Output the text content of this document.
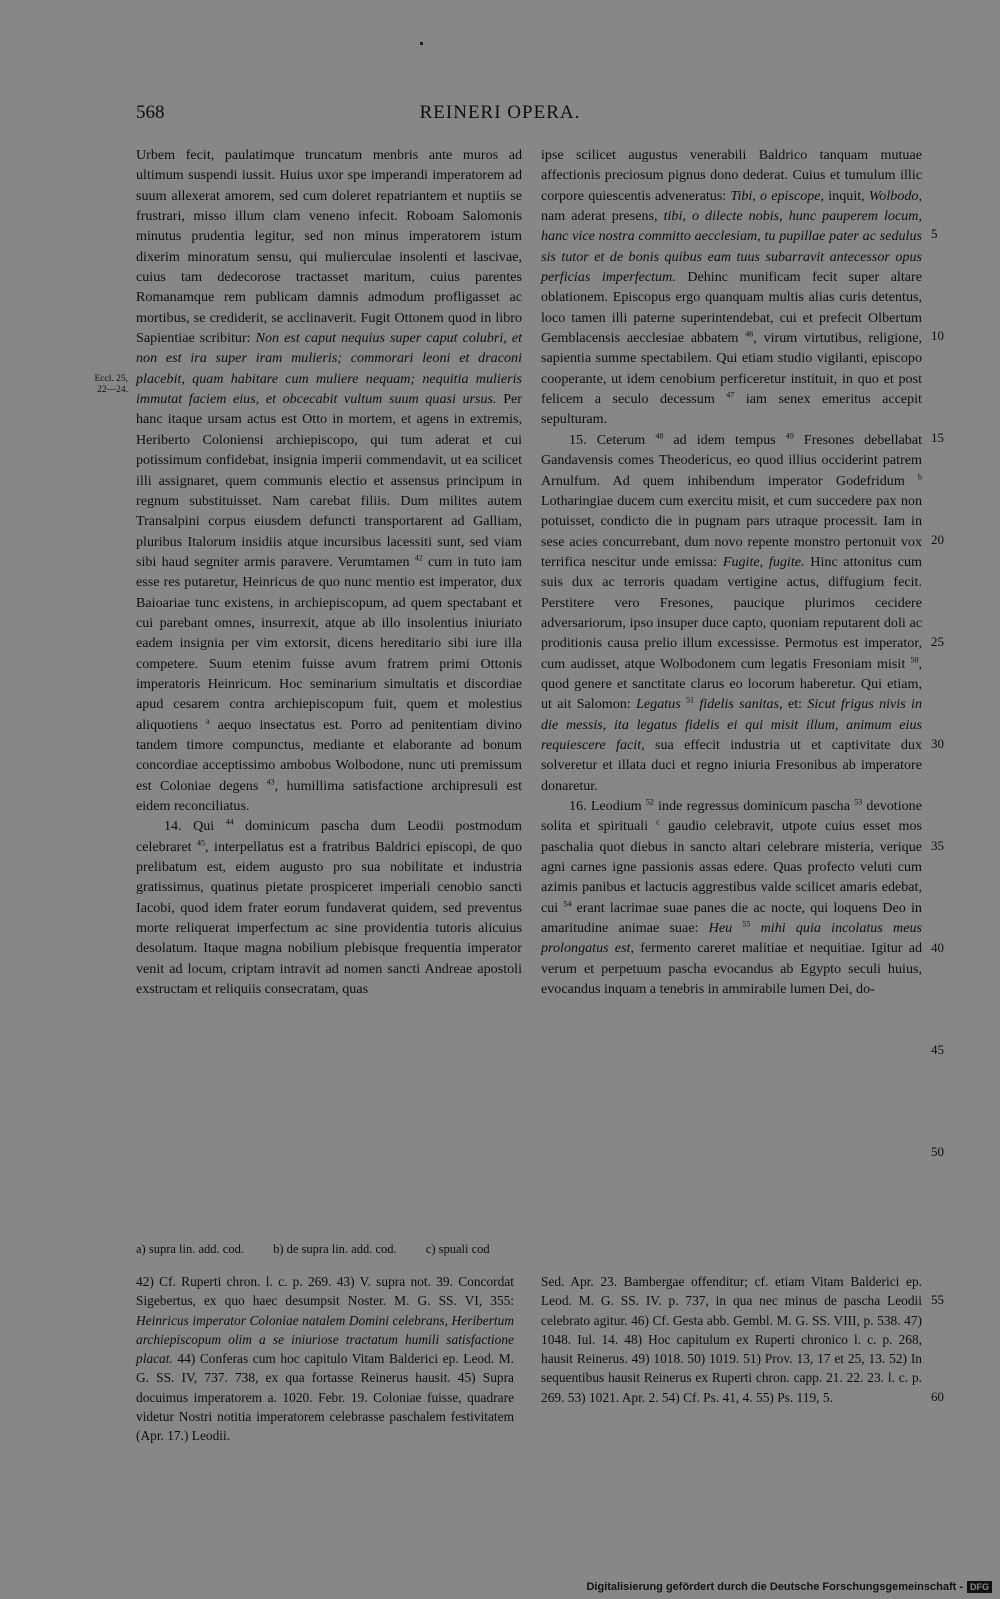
568	REINERI OPERA.
Eccl. 25,
22—24.

Urbem fecit, paulatimque truncatum menbris ante muros ad ultimum suspendi iussit. Huius uxor spe imperandi imperatorem ad suum allexerat amorem, sed cum doleret repatriantem et nuptiis se frustrari, misso illum clam veneno infecit. Roboam Salomonis minutus prudentia legitur, sed non minus imperatorem istum dixerim minoratum sensu, qui mulierculae insolenti et lascivae, cuius tam dedecorose tractasset maritum, cuius parentes Romanamque rem publicam damnis admodum profligasset ac mortibus, se crediderit, se acclinaverit. Fugit Ottonem quod in libro Sapientiae scribitur: Non est caput nequius super caput colubri, et non est ira super iram mulieris; commorari leoni et draconi placebit, quam habitare cum muliere nequam; nequitia mulieris immutat faciem eius, et obcecabit vultum suum quasi ursus. Per hanc itaque ursam actus est Otto in mortem, et agens in extremis, Heriberto Coloniensi archiepiscopo, qui tum aderat et cui potissimum confidebat, insignia imperii commendavit, ut ea scilicet illi assignaret, quem communis electio et assensus principum in regnum substituisset. Nam carebat filiis. Dum milites autem Transalpini corpus eiusdem defuncti transportarent ad Galliam, pluribus Italorum insidiis atque incursibus lacessiti sunt, sed viam sibi haud segniter armis paravere. Verumtamen $^{42}$ cum in tuto iam esse res putaretur, Heinricus de quo nunc mentio est imperator, dux Baioariae tunc existens, in archiepiscopum, ad quem spectabant et cui parebant omnes, insurrexit, atque ab illo insolentius iniuriato eadem insignia per vim extorsit, dicens hereditario sibi iure illa competere. Suum etenim fuisse avum fratrem primi Ottonis imperatoris Heinricum. Hoc seminarium simultatis et discordiae apud cesarem contra archiepiscopum fuit, quem et molestius aliquotiens $^a$ aequo insectatus est. Porro ad penitentiam divino tandem timore compunctus, mediante et elaborante ad bonum concordiae acceptissimo ambobus Wolbodone, nunc uti premissum est Coloniae degens $^{43}$, humillima satisfactione archipresuli est eidem reconciliatus.

14. Qui $^{44}$ dominicum pascha dum Leodii postmodum celebraret $^{45}$, interpellatus est a fratribus Baldrici episcopi, de quo prelibatum est, eidem augusto pro sua nobilitate et industria gratissimus, quatinus pietate prospiceret imperiali cenobio sancti Iacobi, quod idem frater eorum fundaverat quidem, sed preventus morte reliquerat imperfectum ac sine providentia tutoris alicuius desolatum. Itaque magna nobilium plebisque frequentia imperator venit ad locum, criptam intravit ad nomen sancti Andreae apostoli exstructam et reliquiis consecratam, quas

ipse scilicet augustus venerabili Baldrico tanquam mutuae affectionis preciosum pignus dono dederat. Cuius et tumulum illic corpore quiescentis adveneratus: Tibi, o episcope, inquit, Wolbodo, nam aderat presens, tibi, o dilecte nobis, hunc pauperem locum, hanc vice nostra committo aecclesiam, tu pupillae pater ac sedulus sis tutor et de bonis quibus eam tuus subarravit antecessor opus perficias imperfectum. Dehinc munificam fecit super altare oblationem. Episcopus ergo quanquam multis alias curis detentus, loco tamen illi paterne superintendebat, cui et prefecit Olbertum Gemblacensis aecclesiae abbatem $^{46}$, virum virtutibus, religione, sapientia summe spectabilem. Qui etiam studio vigilanti, episcopo cooperante, ut idem cenobium perficeretur instituit, in quo et post felicem a seculo decessum $^{47}$ iam senex emeritus accepit sepulturam.

15. Ceterum $^{48}$ ad idem tempus $^{49}$ Fresones debellabat Gandavensis comes Theodericus, eo quod illius occiderint patrem Arnulfum. Ad quem inhibendum imperator Godefridum $^b$ Lotharingiae ducem cum exercitu misit, et cum succedere pax non potuisset, condicto die in pugnam pars utraque processit. Iam in sese acies concurrebant, dum novo repente monstro pertonuit vox terrifica nescitur unde emissa: Fugite, fugite. Hinc attonitus cum suis dux ac terroris quadam vertigine actus, diffugium fecit. Perstitere vero Fresones, paucique plurimos cecidere adversariorum, ipso insuper duce capto, quoniam reputarent doli ac proditionis causa prelio illum excessisse. Permotus est imperator, cum audisset, atque Wolbodonem cum legatis Fresoniam misit $^{50}$, quod genere et sanctitate clarus eo locorum haberetur. Qui etiam, ut ait Salomon: Legatus $^{51}$ fidelis sanitas, et: Sicut frigus nivis in die messis, ita legatus fidelis ei qui misit illum, animum eius requiescere facit, sua effecit industria ut et captivitate dux solveretur et illata duci et regno iniuria Fresonibus ab imperatore donaretur.

16. Leodium $^{52}$ inde regressus dominicum pascha $^{53}$ devotione solita et spirituali $^c$ gaudio celebravit, utpote cuius esset mos paschalia quot diebus in sancto altari celebrare misteria, verique agni carnes igne passionis assas edere. Quas profecto veluti cum azimis panibus et lactucis aggrestibus valde scilicet amaris edebat, cui $^{54}$ erant lacrimae suae panes die ac nocte, qui loquens Deo in amaritudine animae suae: Heu $^{55}$ mihi quia incolatus meus prolongatus est, fermento careret malitiae et nequitiae. Igitur ad verum et perpetuum pascha evocandus ab Egypto seculi huius, evocandus inquam a tenebris in ammirabile lumen Dei, do-

5
10
15
20
25
30
35
40
45
50
55
60
a) supra lin. add. cod. b) de supra lin. add. cod. c) spuali cod

42) Cf. Ruperti chron. l. c. p. 269. 43) V. supra not. 39. Concordat Sigebertus, ex quo haec desumpsit Noster. M. G. SS. VI, 355: Heinricus imperator Coloniae natalem Domini celebrans, Heribertum archiepiscopum olim a se iniuriose tractatum humili satisfactione placat. 44) Conferas cum hoc capitulo Vitam Balderici ep. Leod. M. G. SS. IV, 737. 738, ex qua fortasse Reinerus hausit. 45) Supra docuimus imperatorem a. 1020. Febr. 19. Coloniae fuisse, quadrare videtur Nostri notitia imperatorem celebrasse paschalem festivitatem (Apr. 17.) Leodii.

Sed. Apr. 23. Bambergae offenditur; cf. etiam Vitam Balderici ep. Leod. M. G. SS. IV. p. 737, in qua nec minus de pascha Leodii celebrato agitur. 46) Cf. Gesta abb. Gembl. M. G. SS. VIII, p. 538. 47) 1048. Iul. 14. 48) Hoc capitulum ex Ruperti chronico l. c. p. 268, hausit Reinerus. 49) 1018. 50) 1019. 51) Prov. 13, 17 et 25, 13. 52) In sequentibus hausit Reinerus ex Ruperti chron. capp. 21. 22. 23. l. c. p. 269. 53) 1021. Apr. 2. 54) Cf. Ps. 41, 4. 55) Ps. 119, 5.

Digitalisierung gefördert durch die Deutsche Forschungsgemeinschaft - DFG
